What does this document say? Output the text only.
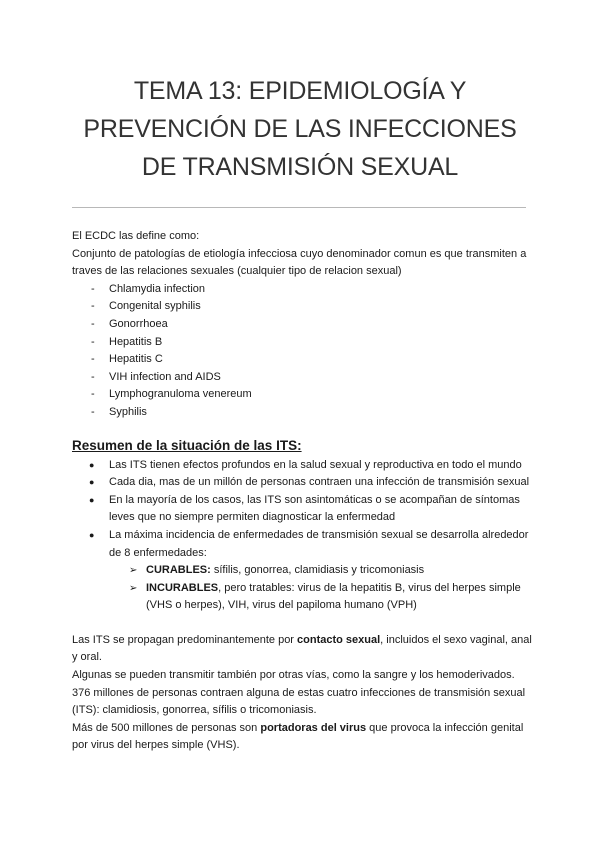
TEMA 13: EPIDEMIOLOGÍA Y
PREVENCIÓN DE LAS INFECCIONES
DE TRANSMISIÓN SEXUAL

El ECDC las define como:

Conjunto de patologías de etiología infecciosa cuyo denominador comun es que transmiten a traves de las relaciones sexuales (cualquier tipo de relacion sexual)

- Chlamydia infection
- Congenital syphilis
- Gonorrhoea
- Hepatitis B
- Hepatitis C
- VIH infection and AIDS
- Lymphogranuloma venereum
- Syphilis
Resumen de la situación de las ITS:
● Las ITS tienen efectos profundos en la salud sexual y reproductiva en todo el mundo
● Cada dia, mas de un millón de personas contraen una infección de transmisión sexual
● En la mayoría de los casos, las ITS son asintomáticas o se acompañan de síntomas leves que no siempre permiten diagnosticar la enfermedad
● La máxima incidencia de enfermedades de transmisión sexual se desarrolla alrededor de 8 enfermedades:
➢ CURABLES: sífilis, gonorrea, clamidiasis y tricomoniasis
➢ INCURABLES, pero tratables: virus de la hepatitis B, virus del herpes simple (VHS o herpes), VIH, virus del papiloma humano (VPH)

Las ITS se propagan predominantemente por contacto sexual, incluidos el sexo vaginal, anal y oral.

Algunas se pueden transmitir también por otras vías, como la sangre y los hemoderivados.

376 millones de personas contraen alguna de estas cuatro infecciones de transmisión sexual (ITS): clamidiosis, gonorrea, sífilis o tricomoniasis.

Más de 500 millones de personas son portadoras del virus que provoca la infección genital por virus del herpes simple (VHS).
